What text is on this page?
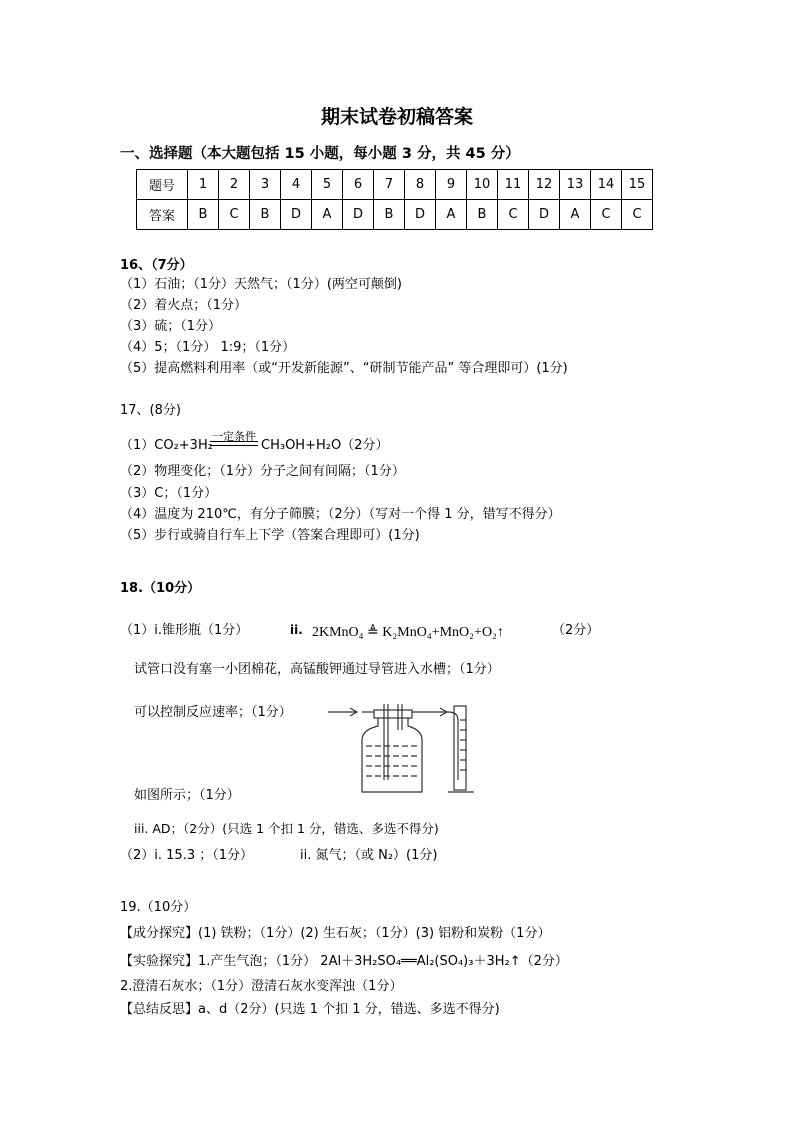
期末试卷初稿答案
一、选择题（本大题包括 15 小题，每小题 3 分，共 45 分）
题号	1	2	3	4	5	6	7	8	9	10	11	12	13	14	15
答案	B	C	B	D	A	D	B	D	A	B	C	D	A	C	C
16、（7分）
（1）石油；（1分）天然气；（1分）(两空可颠倒)
（2）着火点；（1分）
（3）硫；（1分）
（4）5；（1分） 1:9；（1分）
（5）提高燃料利用率（或“开发新能源”、“研制节能产品” 等合理即可）(1分)
17、(8分)
（1）CO₂+3H₂
一定条件
CH₃OH+H₂O（2分）
（2）物理变化；（1分）分子之间有间隔；（1分）
（3）C；（1分）
（4）温度为 210℃，有分子筛膜；（2分）（写对一个得 1 分，错写不得分）
（5）步行或骑自行车上下学（答案合理即可）(1分)
18.（10分）
（1）i.锥形瓶（1分）	ii. 2KMnO₄ ≜ K₂MnO₄+MnO₂+O₂↑	（2分）
试管口没有塞一小团棉花，高锰酸钾通过导管进入水槽；（1分）
可以控制反应速率；（1分）
如图所示；（1分）
iii. AD；（2分）(只选 1 个扣 1 分，错选、多选不得分)
（2）i. 15.3 ；（1分）	ii. 氮气；（或 N₂）(1分)
19.（10分）
【成分探究】(1) 铁粉；（1分）(2) 生石灰；（1分）(3) 铝粉和炭粉（1分）
【实验探究】1.产生气泡；（1分） 2Al＋3H₂SO₄══Al₂(SO₄)₃＋3H₂↑（2分）
2.澄清石灰水；（1分）澄清石灰水变浑浊（1分）
【总结反思】a、d（2分）(只选 1 个扣 1 分，错选、多选不得分)
